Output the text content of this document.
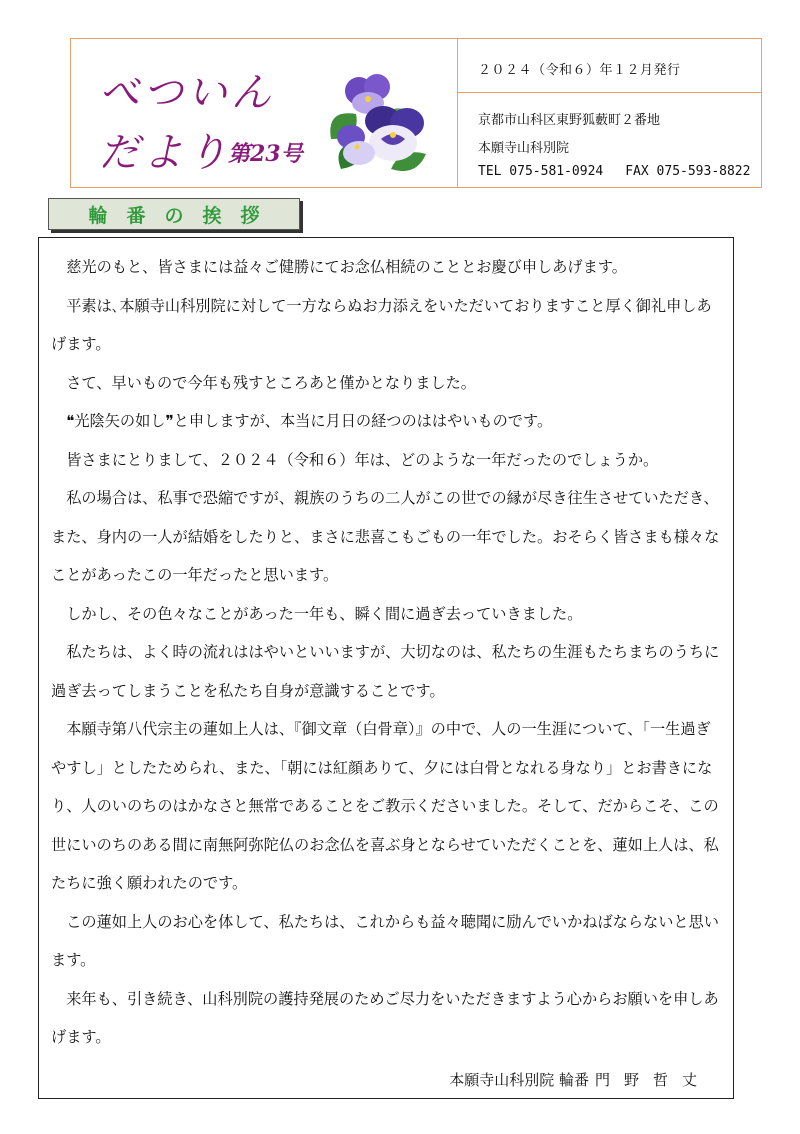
べついん
だより
第23号
２０２４（令和６）年１２月発行
京都市山科区東野狐藪町２番地
本願寺山科別院
TEL 075-581-0924 FAX 075-593-8822
輪番の挨拶

慈光のもと、皆さまには益々ご健勝にてお念仏相続のこととお慶び申しあげます。

平素は､本願寺山科別院に対して一方ならぬお力添えをいただいておりますこと厚く御礼申しあげます。

さて、早いもので今年も残すところあと僅かとなりました。

❝光陰矢の如し❞と申しますが、本当に月日の経つのははやいものです。

皆さまにとりまして、２０２４（令和６）年は、どのような一年だったのでしょうか。

私の場合は、私事で恐縮ですが、親族のうちの二人がこの世での縁が尽き往生させていただき、また、身内の一人が結婚をしたりと、まさに悲喜こもごもの一年でした。おそらく皆さまも様々なことがあったこの一年だったと思います。

しかし、その色々なことがあった一年も、瞬く間に過ぎ去っていきました。

私たちは、よく時の流れははやいといいますが、大切なのは、私たちの生涯もたちまちのうちに過ぎ去ってしまうことを私たち自身が意識することです。

本願寺第八代宗主の蓮如上人は、『御文章（白骨章）』の中で、人の一生涯について、「一生過ぎやすし」としたためられ、また、「朝には紅顔ありて、夕には白骨となれる身なり」とお書きになり、人のいのちのはかなさと無常であることをご教示くださいました。そして、だからこそ、この世にいのちのある間に南無阿弥陀仏のお念仏を喜ぶ身とならせていただくことを、蓮如上人は、私たちに強く願われたのです。

この蓮如上人のお心を体して、私たちは、これからも益々聴聞に励んでいかねばならないと思います。

来年も、引き続き、山科別院の護持発展のためご尽力をいただきますよう心からお願いを申しあげます。

本願寺山科別院 輪番 門野哲丈
